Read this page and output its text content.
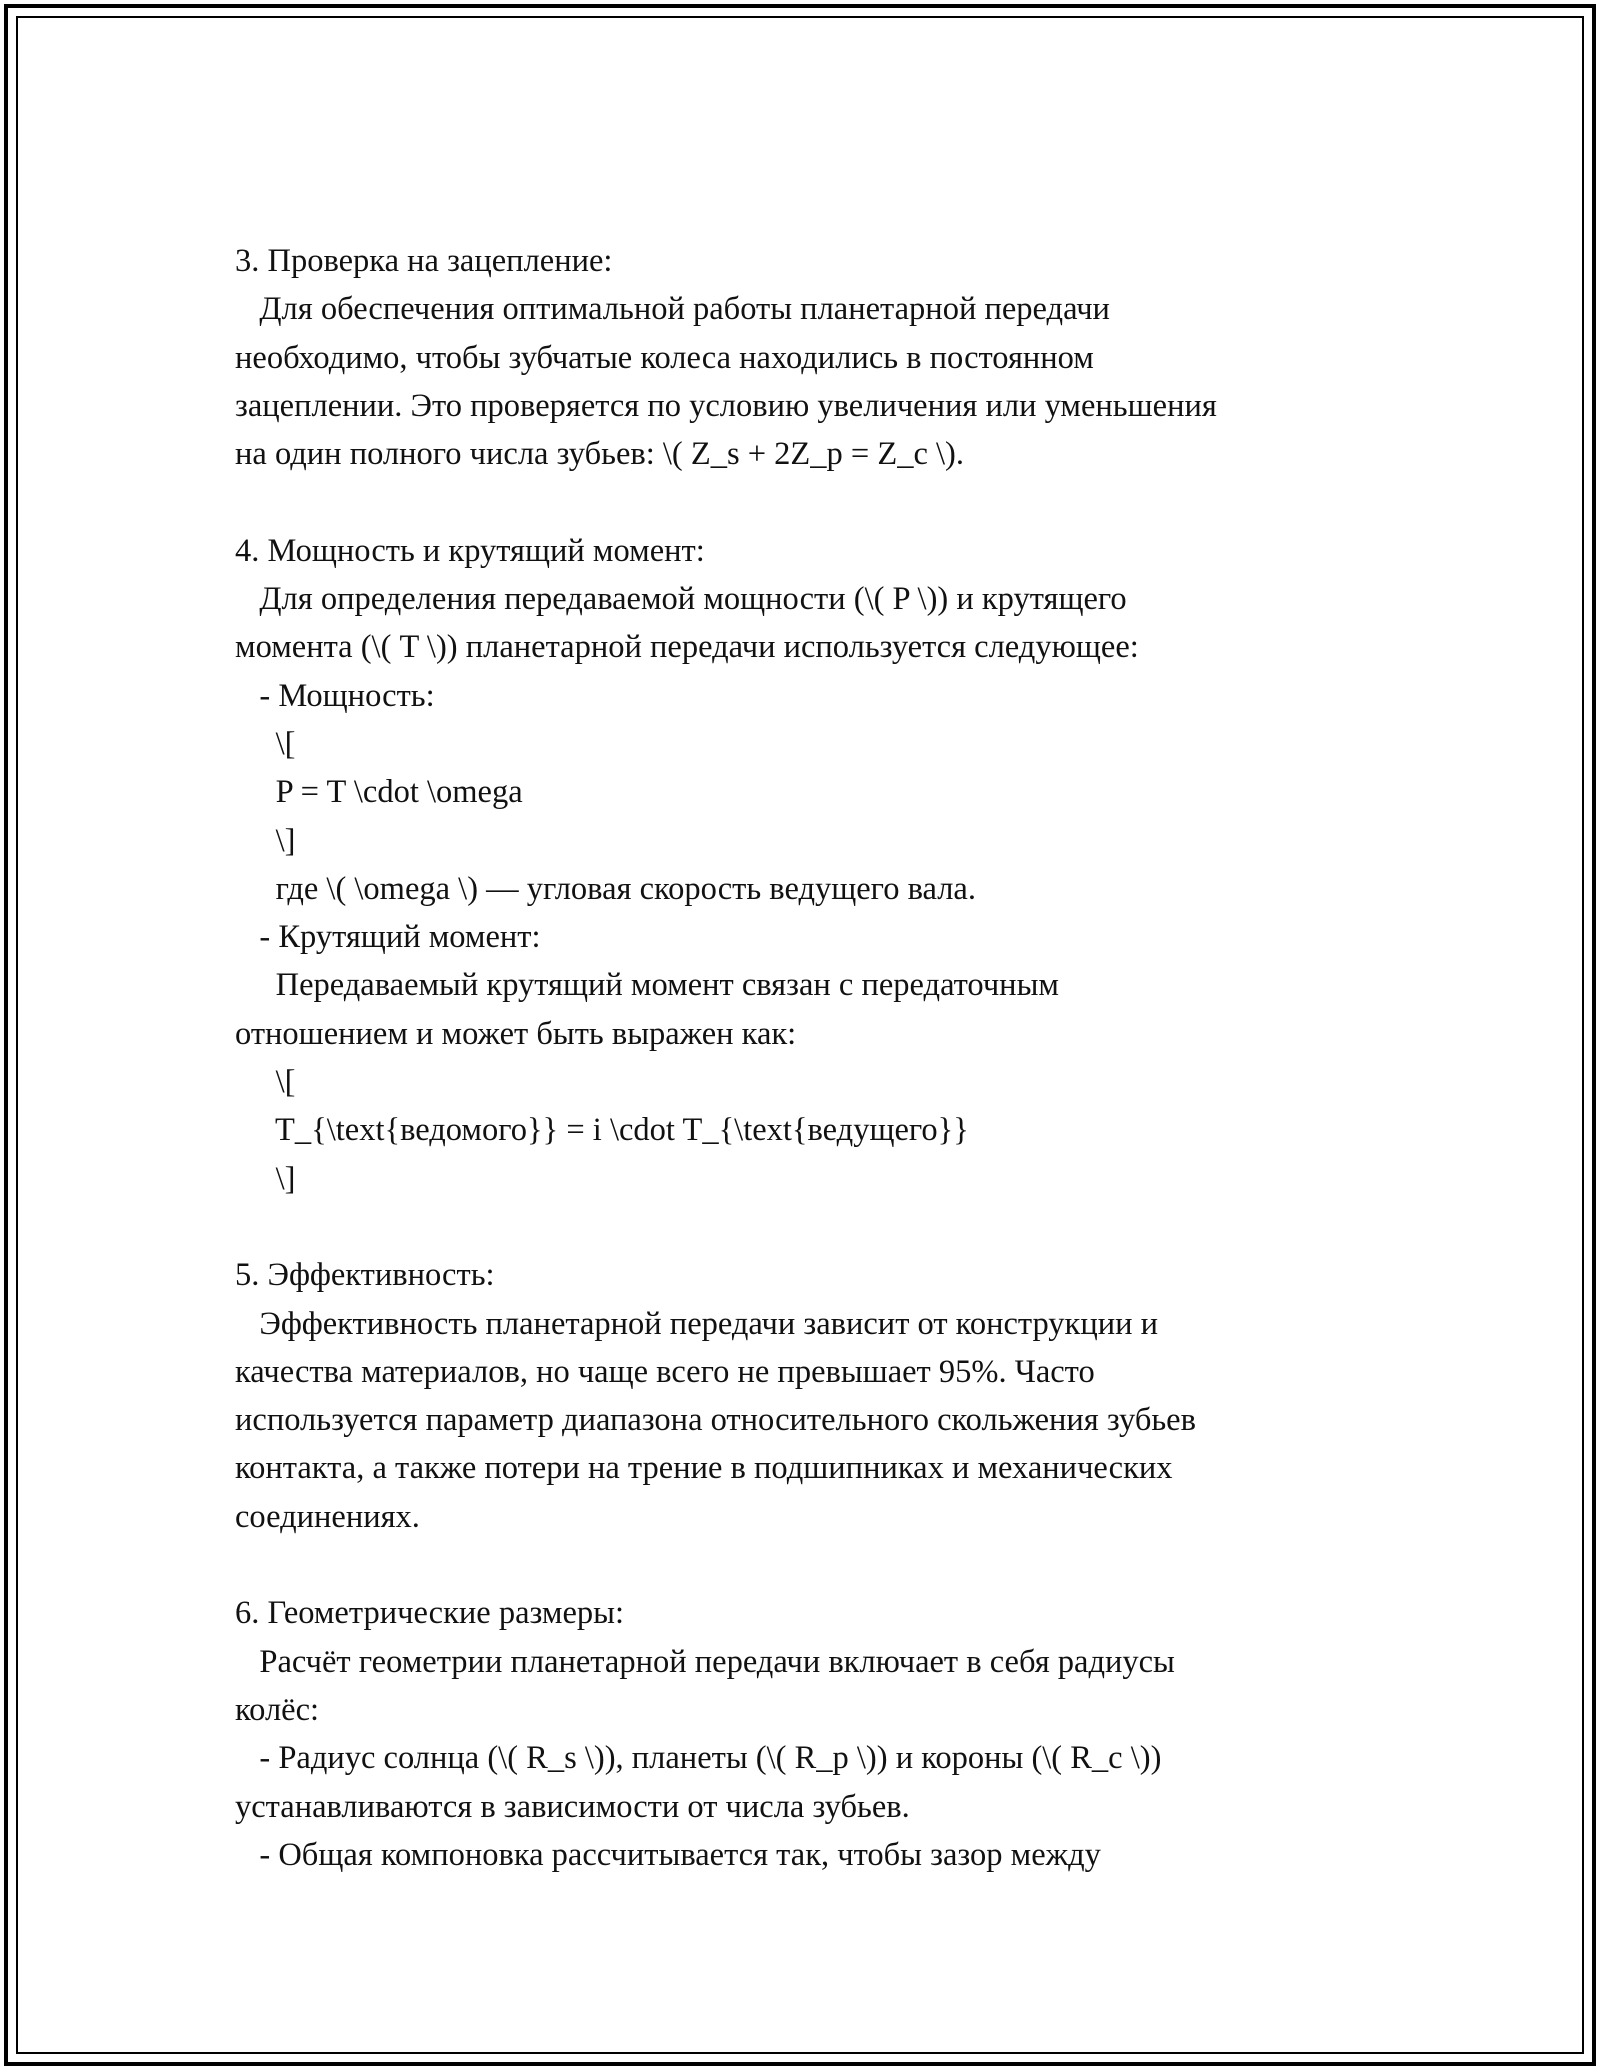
3. Проверка на зацепление:
Для обеспечения оптимальной работы планетарной передачи
необходимо, чтобы зубчатые колеса находились в постоянном
зацеплении. Это проверяется по условию увеличения или уменьшения
на один полного числа зубьев: \( Z_s + 2Z_p = Z_c \).
4. Мощность и крутящий момент:
Для определения передаваемой мощности (\( P \)) и крутящего
момента (\( T \)) планетарной передачи используется следующее:
- Мощность:
\[
P = T \cdot \omega
\]
где \( \omega \) — угловая скорость ведущего вала.
- Крутящий момент:
Передаваемый крутящий момент связан с передаточным
отношением и может быть выражен как:
\[
T_{\text{ведомого}} = i \cdot T_{\text{ведущего}}
\]
5. Эффективность:
Эффективность планетарной передачи зависит от конструкции и
качества материалов, но чаще всего не превышает 95%. Часто
используется параметр диапазона относительного скольжения зубьев
контакта, а также потери на трение в подшипниках и механических
соединениях.
6. Геометрические размеры:
Расчёт геометрии планетарной передачи включает в себя радиусы
колёс:
- Радиус солнца (\( R_s \)), планеты (\( R_p \)) и короны (\( R_c \))
устанавливаются в зависимости от числа зубьев.
- Общая компоновка рассчитывается так, чтобы зазор между
